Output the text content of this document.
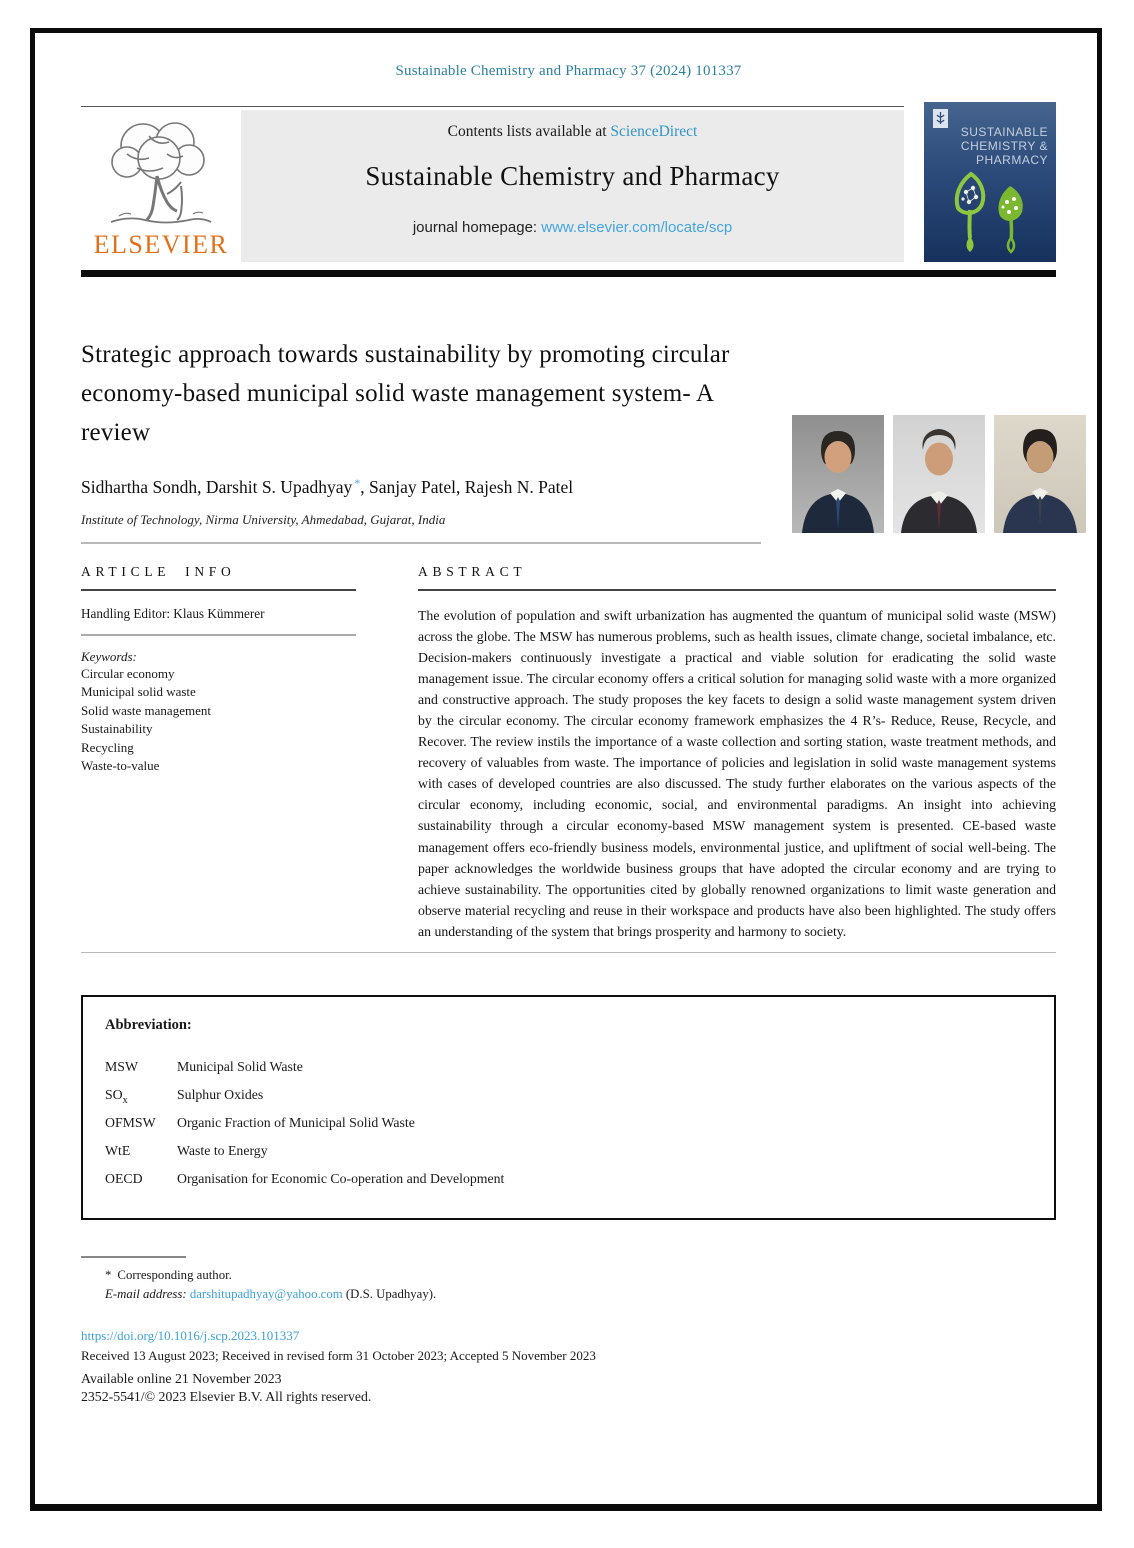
Sustainable Chemistry and Pharmacy 37 (2024) 101337
ELSEVIER
Contents lists available at ScienceDirect
Sustainable Chemistry and Pharmacy
journal homepage: www.elsevier.com/locate/scp
SUSTAINABLE
CHEMISTRY &
PHARMACY
Strategic approach towards sustainability by promoting circular
economy-based municipal solid waste management system- A
review
Sidhartha Sondh, Darshit S. Upadhyay *, Sanjay Patel, Rajesh N. Patel
Institute of Technology, Nirma University, Ahmedabad, Gujarat, India
ARTICLE INFO
Handling Editor: Klaus Kümmerer
Keywords:
Circular economy
Municipal solid waste
Solid waste management
Sustainability
Recycling
Waste-to-value
ABSTRACT
The evolution of population and swift urbanization has augmented the quantum of municipal solid waste (MSW) across the globe. The MSW has numerous problems, such as health issues, climate change, societal imbalance, etc. Decision-makers continuously investigate a practical and viable solution for eradicating the solid waste management issue. The circular economy offers a critical solution for managing solid waste with a more organized and constructive approach. The study proposes the key facets to design a solid waste management system driven by the circular economy. The circular economy framework emphasizes the 4 R’s- Reduce, Reuse, Recycle, and Recover. The review instils the importance of a waste collection and sorting station, waste treatment methods, and recovery of valuables from waste. The importance of policies and legislation in solid waste management systems with cases of developed countries are also discussed. The study further elaborates on the various aspects of the circular economy, including economic, social, and environmental paradigms. An insight into achieving sustainability through a circular economy-based MSW management system is presented. CE-based waste management offers eco-friendly business models, environmental justice, and upliftment of social well-being. The paper acknowledges the worldwide business groups that have adopted the circular economy and are trying to achieve sustainability. The opportunities cited by globally renowned organizations to limit waste generation and observe material recycling and reuse in their workspace and products have also been highlighted. The study offers an understanding of the system that brings prosperity and harmony to society.
Abbreviation:
MSW	Municipal Solid Waste
$SO_x$	Sulphur Oxides
OFMSW	Organic Fraction of Municipal Solid Waste
WtE	Waste to Energy
OECD	Organisation for Economic Co-operation and Development
* Corresponding author.
E-mail address: darshitupadhyay@yahoo.com (D.S. Upadhyay).
https://doi.org/10.1016/j.scp.2023.101337
Received 13 August 2023; Received in revised form 31 October 2023; Accepted 5 November 2023
Available online 21 November 2023
2352-5541/© 2023 Elsevier B.V. All rights reserved.
